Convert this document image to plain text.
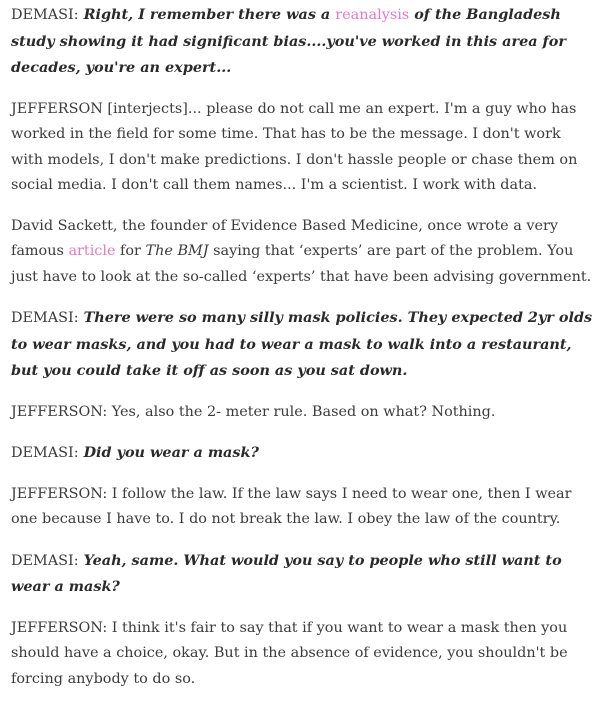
DEMASI: Right, I remember there was a reanalysis of the Bangladesh study showing it had significant bias....you've worked in this area for decades, you're an expert...

JEFFERSON [interjects]... please do not call me an expert. I'm a guy who has worked in the field for some time. That has to be the message. I don't work with models, I don't make predictions. I don't hassle people or chase them on social media. I don't call them names... I'm a scientist. I work with data.

David Sackett, the founder of Evidence Based Medicine, once wrote a very famous article for The BMJ saying that ‘experts’ are part of the problem. You just have to look at the so-called ‘experts’ that have been advising government.

DEMASI: There were so many silly mask policies. They expected 2yr olds to wear masks, and you had to wear a mask to walk into a restaurant, but you could take it off as soon as you sat down.

JEFFERSON: Yes, also the 2- meter rule. Based on what? Nothing.

DEMASI: Did you wear a mask?

JEFFERSON: I follow the law. If the law says I need to wear one, then I wear one because I have to. I do not break the law. I obey the law of the country.

DEMASI: Yeah, same. What would you say to people who still want to wear a mask?

JEFFERSON: I think it's fair to say that if you want to wear a mask then you should have a choice, okay. But in the absence of evidence, you shouldn't be forcing anybody to do so.
